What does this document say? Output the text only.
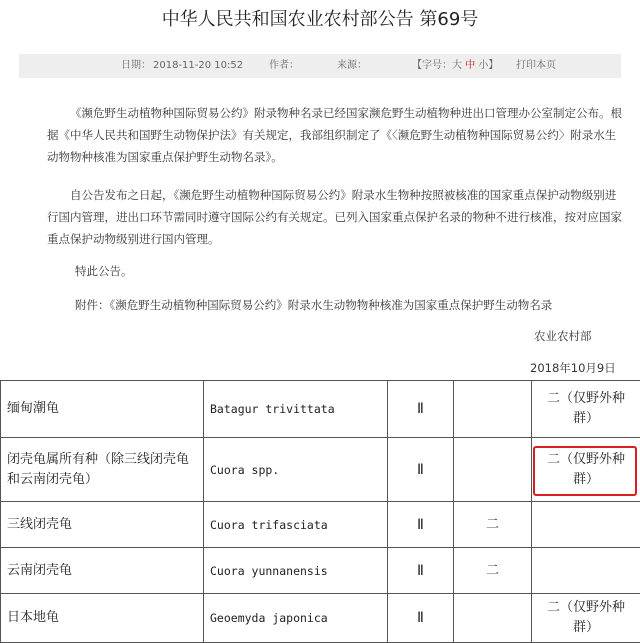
中华人民共和国农业农村部公告 第69号
日期： 2018-11-20 10:52	作者：	来源：	【字号：大 中 小】 打印本页

《濒危野生动植物种国际贸易公约》附录物种名录已经国家濒危野生动植物种进出口管理办公室制定公布。根据《中华人民共和国野生动物保护法》有关规定，我部组织制定了《〈濒危野生动植物种国际贸易公约〉附录水生动物物种核准为国家重点保护野生动物名录》。

自公告发布之日起，《濒危野生动植物种国际贸易公约》附录水生物种按照被核准的国家重点保护动物级别进行国内管理，进出口环节需同时遵守国际公约有关规定。已列入国家重点保护名录的物种不进行核准，按对应国家重点保护动物级别进行国内管理。

特此公告。

附件：《濒危野生动植物种国际贸易公约》附录水生动物物种核准为国家重点保护野生动物名录

农业农村部
2018年10月9日
缅甸潮龟	Batagur trivittata	Ⅱ		二（仅野外种群）
闭壳龟属所有种（除三线闭壳龟和云南闭壳龟）	Cuora spp.	Ⅱ		二（仅野外种群）
三线闭壳龟	Cuora trifasciata	Ⅱ	二	
云南闭壳龟	Cuora yunnanensis	Ⅱ	二	
日本地龟	Geoemyda japonica	Ⅱ		二（仅野外种群）
